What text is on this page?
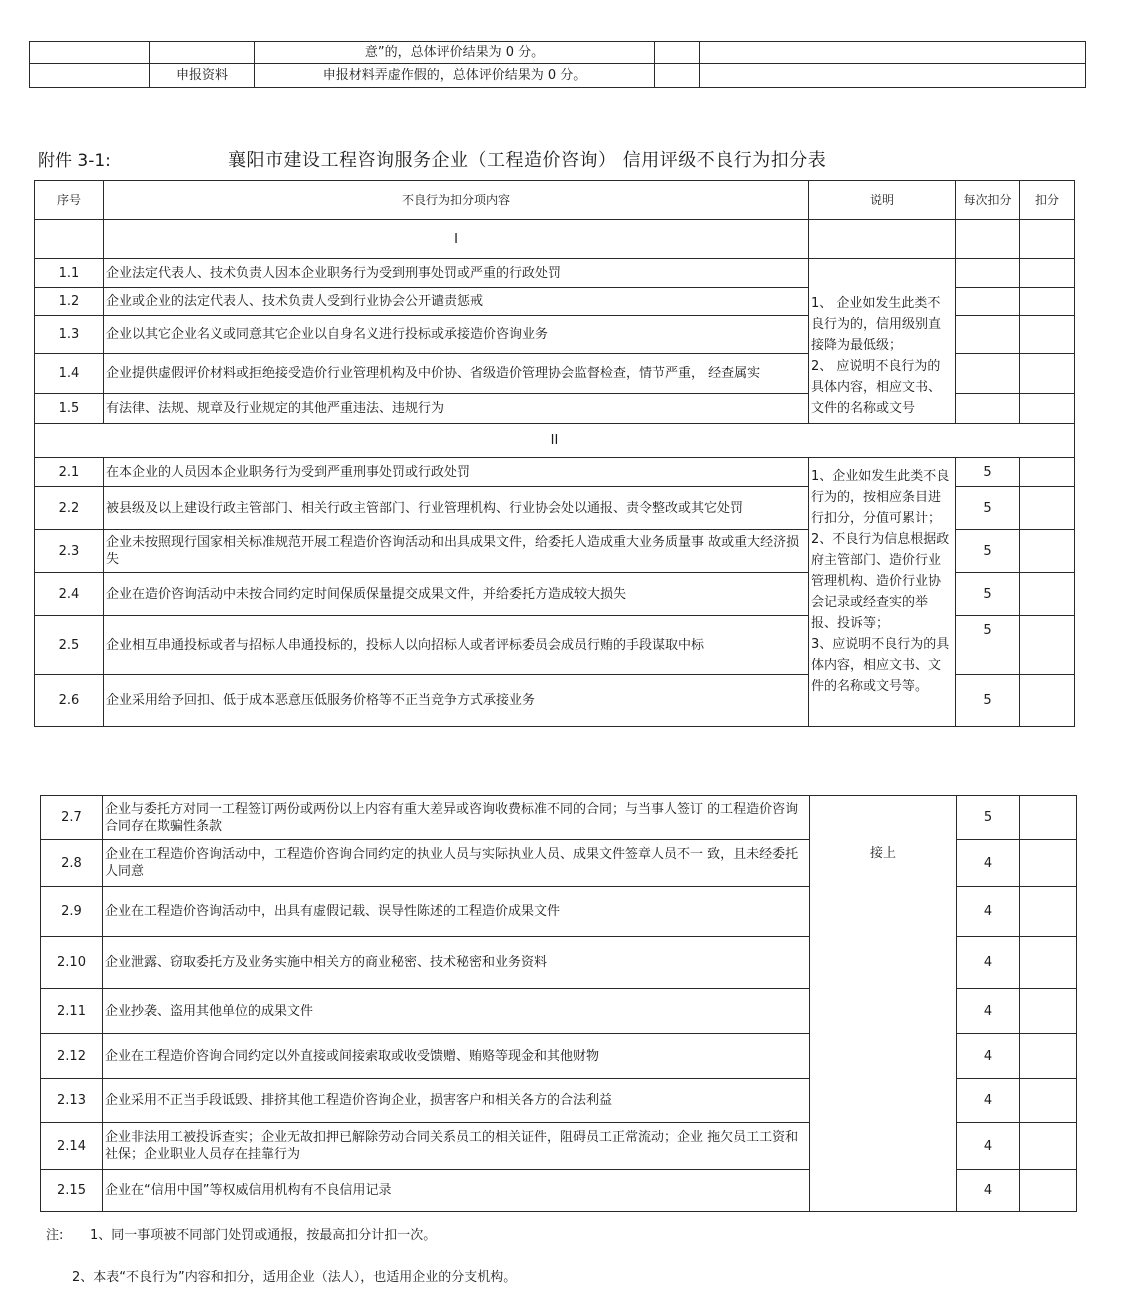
		意”的，总体评价结果为 0 分。		
	申报资料	申报材料弄虚作假的，总体评价结果为 0 分。		
附件 3-1:	襄阳市建设工程咨询服务企业（工程造价咨询） 信用评级不良行为扣分表
序号	不良行为扣分项内容	说明	每次扣分	扣分
	I			
1.1	企业法定代表人、技术负责人因本企业职务行为受到刑事处罚或严重的行政处罚	1、 企业如发生此类不良行为的，信用级别直接降为最低级；
2、 应说明不良行为的具体内容，相应文书、文件的名称或文号		
1.2	企业或企业的法定代表人、技术负责人受到行业协会公开谴责惩戒			
1.3	企业以其它企业名义或同意其它企业以自身名义进行投标或承接造价咨询业务			
1.4	企业提供虚假评价材料或拒绝接受造价行业管理机构及中价协、省级造价管理协会监督检查，情节严重， 经查属实			
1.5	有法律、法规、规章及行业规定的其他严重违法、违规行为			
II				
2.1	在本企业的人员因本企业职务行为受到严重刑事处罚或行政处罚	1、企业如发生此类不良行为的，按相应条目进行扣分，分值可累计；
2、不良行为信息根据政府主管部门、造价行业管理机构、造价行业协会记录或经查实的举报、投诉等；
3、应说明不良行为的具体内容，相应文书、文件的名称或文号等。	5	
2.2	被县级及以上建设行政主管部门、相关行政主管部门、行业管理机构、行业协会处以通报、责令整改或其它处罚		5	
2.3	企业未按照现行国家相关标准规范开展工程造价咨询活动和出具成果文件，给委托人造成重大业务质量事 故或重大经济损失		5	
2.4	企业在造价咨询活动中未按合同约定时间保质保量提交成果文件，并给委托方造成较大损失		5	
2.5	企业相互串通投标或者与招标人串通投标的，投标人以向招标人或者评标委员会成员行贿的手段谋取中标		5	
2.6	企业采用给予回扣、低于成本恶意压低服务价格等不正当竞争方式承接业务		5	
2.7	企业与委托方对同一工程签订两份或两份以上内容有重大差异或咨询收费标准不同的合同；与当事人签订 的工程造价咨询合同存在欺骗性条款	接上	5	
2.8	企业在工程造价咨询活动中，工程造价咨询合同约定的执业人员与实际执业人员、成果文件签章人员不一 致，且未经委托人同意		4	
2.9	企业在工程造价咨询活动中，出具有虚假记载、误导性陈述的工程造价成果文件		4	
2.10	企业泄露、窃取委托方及业务实施中相关方的商业秘密、技术秘密和业务资料		4	
2.11	企业抄袭、盗用其他单位的成果文件		4	
2.12	企业在工程造价咨询合同约定以外直接或间接索取或收受馈赠、贿赂等现金和其他财物		4	
2.13	企业采用不正当手段诋毁、排挤其他工程造价咨询企业，损害客户和相关各方的合法利益		4	
2.14	企业非法用工被投诉查实；企业无故扣押已解除劳动合同关系员工的相关证件，阻碍员工正常流动；企业 拖欠员工工资和社保；企业职业人员存在挂靠行为		4	
2.15	企业在“信用中国”等权威信用机构有不良信用记录		4	
注: 1、同一事项被不同部门处罚或通报，按最高扣分计扣一次。
2、本表“不良行为”内容和扣分，适用企业（法人），也适用企业的分支机构。
